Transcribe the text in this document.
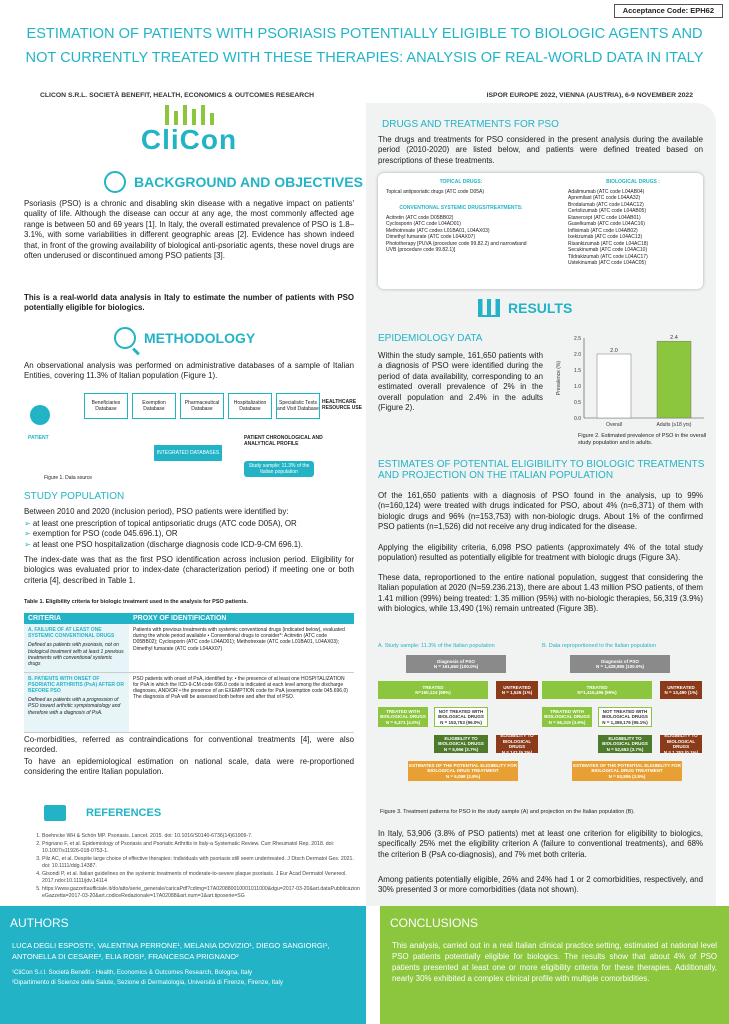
Acceptance Code: EPH62
ESTIMATION OF PATIENTS WITH PSORIASIS POTENTIALLY ELIGIBLE TO BIOLOGIC AGENTS AND
NOT CURRENTLY TREATED WITH THESE THERAPIES: ANALYSIS OF REAL-WORLD DATA IN ITALY
CLICON S.R.L. SOCIETÀ BENEFIT, HEALTH, ECONOMICS & OUTCOMES RESEARCH	ISPOR EUROPE 2022, VIENNA (AUSTRIA), 6-9 NOVEMBER 2022
CliCon
BACKGROUND AND OBJECTIVES
Psoriasis (PSO) is a chronic and disabling skin disease with a negative impact on patients' quality of life. Although the disease can occur at any age, the most commonly affected age range is between 50 and 69 years [1]. In Italy, the overall estimated prevalence of PSO is 1.8–3.1%, with some variabilities in different geographic areas [2]. Evidence has shown indeed that, in front of the growing availability of biological anti-psoriatic agents, these novel drugs are often underused or discontinued among PSO patients [3].
This is a real-world data analysis in Italy to estimate the number of patients with PSO potentially eligible for biologics.
METHODOLOGY
An observational analysis was performed on administrative databases of a sample of Italian Entities, covering 11.3% of Italian population (Figure 1).
Beneficiaries Database
Exemption Database
Pharmaceutical Database
Hospitalization Database
Specialistic Tests and Visit Database
HEALTHCARE RESOURCE USE
PATIENT
INTEGRATED DATABASES
PATIENT CHRONOLOGICAL AND ANALYTICAL PROFILE
Study sample: 11.3% of the Italian population
Figure 1. Data source
STUDY POPULATION
Between 2010 and 2020 (inclusion period), PSO patients were identified by:
➢ at least one prescription of topical antipsoriatic drugs (ATC code D05A), OR
➢ exemption for PSO (code 045.696.1), OR
➢ at least one PSO hospitalization (discharge diagnosis code ICD-9-CM 696.1).
The index-date was that as the first PSO identification across inclusion period. Eligibility for biologics was evaluated prior to index-date (characterization period) if meeting one or both criteria [4], described in Table 1.
Table 1. Eligibility criteria for biologic treatment used in the analysis for PSO patients.
CRITERIA	PROXY OF IDENTIFICATION

A. FAILURE OF AT LEAST ONE SYSTEMIC CONVENTIONAL DRUGS
Defined as patients with psoriasis, not on biological treatment with at least 1 previous treatments with conventional systemic drugs	Patients with previous treatments with systemic conventional drugs (indicated below), evaluated during the whole period available • Conventional drugs to consider*: Acitretin (ATC code D05BB02); Cyclosporin (ATC code L04AD01); Methotrexate (ATC code L01BA01, L04AX03); Dimethyl fumarate (ATC code L04AX07)

B. PATIENTS WITH ONSET OF PSORIATIC ARTHRITIS (PsA) AFTER OR BEFORE PSO
Defined as patients with a progression of PSO toward arthritic symptomatology and therefore with a diagnosis of PsA.	PSO patients with onset of PsA, identified by: • the presence of at least one HOSPITALIZATION for PsA in which the ICD-9-CM code 696.0 code is indicated at each level among the discharge diagnoses, AND/OR • the presence of an EXEMPTION code for PsA (exemption code 045.696.0) The diagnosis of PsA will be assessed both before and after that of PSO.
Co-morbidities, referred as contraindications for conventional treatments [4], were also recorded.
To have an epidemiological estimation on national scale, data were re-proportioned considering the entire Italian population.
REFERENCES
1. Boehncke WH & Schön MP. Psoriasis. Lancet. 2015. doi: 10.1016/S0140-6736(14)61909-7.
2. Prignano F, et al. Epidemiology of Psoriasis and Psoriatic Arthritis in Italy-a Systematic Review. Curr Rheumatol Rep. 2018. doi: 10.1007/s11926-018-0753-1.
3. Pilz AC, et al. Despite large choice of effective therapies: Individuals with psoriasis still seem undertreated. J Dtsch Dermatol Ges. 2021. doi: 10.1111/ddg.14387.
4. Gisondi P, et al. Italian guidelines on the systemic treatments of moderate-to-severe plaque psoriasis. J Eur Acad Dermatol Venereol. 2017.ndoi:10.1111/jdv.14114
5. https://www.gazzettaufficiale.it/do/atto/serie_generale/caricaPdf?cdimg=17A020880010001011000&dgu=2017-03-20&art.dataPubblicazioneGazzetta=2017-03-20&art.codiceRedazionale=17A02088&art.num=1&art.tiposerie=SG
DRUGS AND TREATMENTS FOR PSO
The drugs and treatments for PSO considered in the present analysis during the available period (2010-2020) are listed below, and patients were defined treated based on prescriptions of these treatments.
TOPICAL DRUGS:
Topical antipsoriatic drugs (ATC code D05A)
CONVENTIONAL SYSTEMIC DRUGS/TREATMENTS:
Acitretin (ATC code D05BB02)
Cyclosporin (ATC code L04AD01)
Methotrexate (ATC codes L01BA01, L04AX03)
Dimethyl fumarate (ATC code L04AX07)
Phototherapy [PUVA (procedure code 99.82.2) and narrowband UVB (procedure code 99.82.1)]
BIOLOGICAL DRUGS :
Adalimumab (ATC code L04AB04)
Apremilast (ATC code L04AA32)
Brodalumab (ATC code L04AC12)
Certolizumab (ATC code L04AB05)
Etanercept (ATC code L04AB01)
Guselkumab (ATC code L04AC16)
Infliximab (ATC code L04AB02)
Ixekizumab (ATC code L04AC13)
Risankizumab (ATC code L04AC18)
Secukinumab (ATC code L04AC10)
Tildrakizumab (ATC code L04AC17)
Ustekinumab (ATC code L04AC05)
RESULTS
EPIDEMIOLOGY DATA
Within the study sample, 161,650 patients with a diagnosis of PSO were identified during the period of data availability, corresponding to an estimated overall prevalence of 2% in the overall population and 2.4% in the adults (Figure 2).
0.0
0.5
1.0
1.5
2.0
2.5
Prevalence (%)
2.0
Overall
2.4
Adults (≥18 yrs)
Figure 2. Estimated prevalence of PSO in the overall study population and in adults.
ESTIMATES OF POTENTIAL ELIGIBILITY TO BIOLOGIC TREATMENTS
AND PROJECTION ON THE ITALIAN POPULATION
Of the 161,650 patients with a diagnosis of PSO found in the analysis, up to 99% (n=160,124) were treated with drugs indicated for PSO, about 4% (n=6,371) of them with biologic drugs and 96% (n=153,753) with non-biologic drugs. About 1% of the confirmed PSO patients (n=1,526) did not receive any drug indicated for the disease.
Applying the eligibility criteria, 6,098 PSO patients (approximately 4% of the total study population) resulted as potentially eligible for treatment with biologic drugs (Figure 3A).
These data, reproportioned to the entire national population, suggest that considering the Italian population at 2020 (N=59.236.213), there are about 1.43 million PSO patients, of them 1.41 million (99%) being treated: 1.35 million (95%) with no-biologic therapies, 56,319 (3.9%) with biologics, while 13,490 (1%) remain untreated (Figure 3B).
A. Study sample: 11.3% of the Italian population
Diagnosis of PSO
N = 161,650 (100.0%)
TREATED
N=160,124 (99%)
UNTREATED
N = 1,526 (1%)
TREATED WITH BIOLOGICAL DRUGS
N = 6,371 (4.0%)
NOT TREATED WITH BIOLOGICAL DRUGS
N = 153,753 (96.0%)
ELIGIBILITY TO BIOLOGICAL DRUGS
N = 5,956 (3.7%)
ELIGIBILITY TO BIOLOGICAL DRUGS
N = 142 (9.3%)
ESTIMATES OF THE POTENTIAL ELIGIBILITY FOR BIOLOGICAL DRUG TREATMENT
N = 6,098 (3.8%)
B. Data reproportioned to the Italian population
Diagnosis of PSO
N = 1,428,985 (100.0%)
TREATED
N=1,415,495 (99%)
UNTREATED
N = 13,490 (1%)
TREATED WITH BIOLOGICAL DRUGS
N = 56,319 (3.9%)
NOT TREATED WITH BIOLOGICAL DRUGS
N = 1,359,176 (95.1%)
ELIGIBILITY TO BIOLOGICAL DRUGS
N = 52,653 (3.7%)
ELIGIBILITY TO BIOLOGICAL DRUGS
N = 1,253 (0.1%)
ESTIMATES OF THE POTENTIAL ELIGIBILITY FOR BIOLOGICAL DRUG TREATMENT
N = 53,906 (3.8%)
Figure 3. Treatment patterns for PSO in the study sample (A) and projection on the Italian population (B).
In Italy, 53,906 (3.8% of PSO patients) met at least one criterion for eligibility to biologics, specifically 25% met the eligibility criterion A (failure to conventional treatments), and 68% the criterion B (PsA co-diagnosis), and 7% met both criteria.
Among patients potentially eligible, 26% and 24% had 1 or 2 comorbidities, respectively, and 30% presented 3 or more comorbidities (data not shown).
AUTHORS
LUCA DEGLI ESPOSTI¹, VALENTINA PERRONE¹, MELANIA DOVIZIO¹, DIEGO SANGIORGI¹, ANTONELLA DI CESARE², ELIA ROSI², FRANCESCA PRIGNANO²
¹CliCon S.r.l. Società Benefit - Health, Economics & Outcomes Research, Bologna, Italy
²Dipartimento di Scienze della Salute, Sezione di Dermatologia, Università di Firenze, Firenze, Italy
CONCLUSIONS
This analysis, carried out in a real Italian clinical practice setting, estimated at national level PSO patients potentially eligible for biologics. The results show that about 4% of PSO patients presented at least one or more eligibility criteria for these therapies. Additionally, nearly 30% exhibited a complex clinical profile with multiple comorbidities.
